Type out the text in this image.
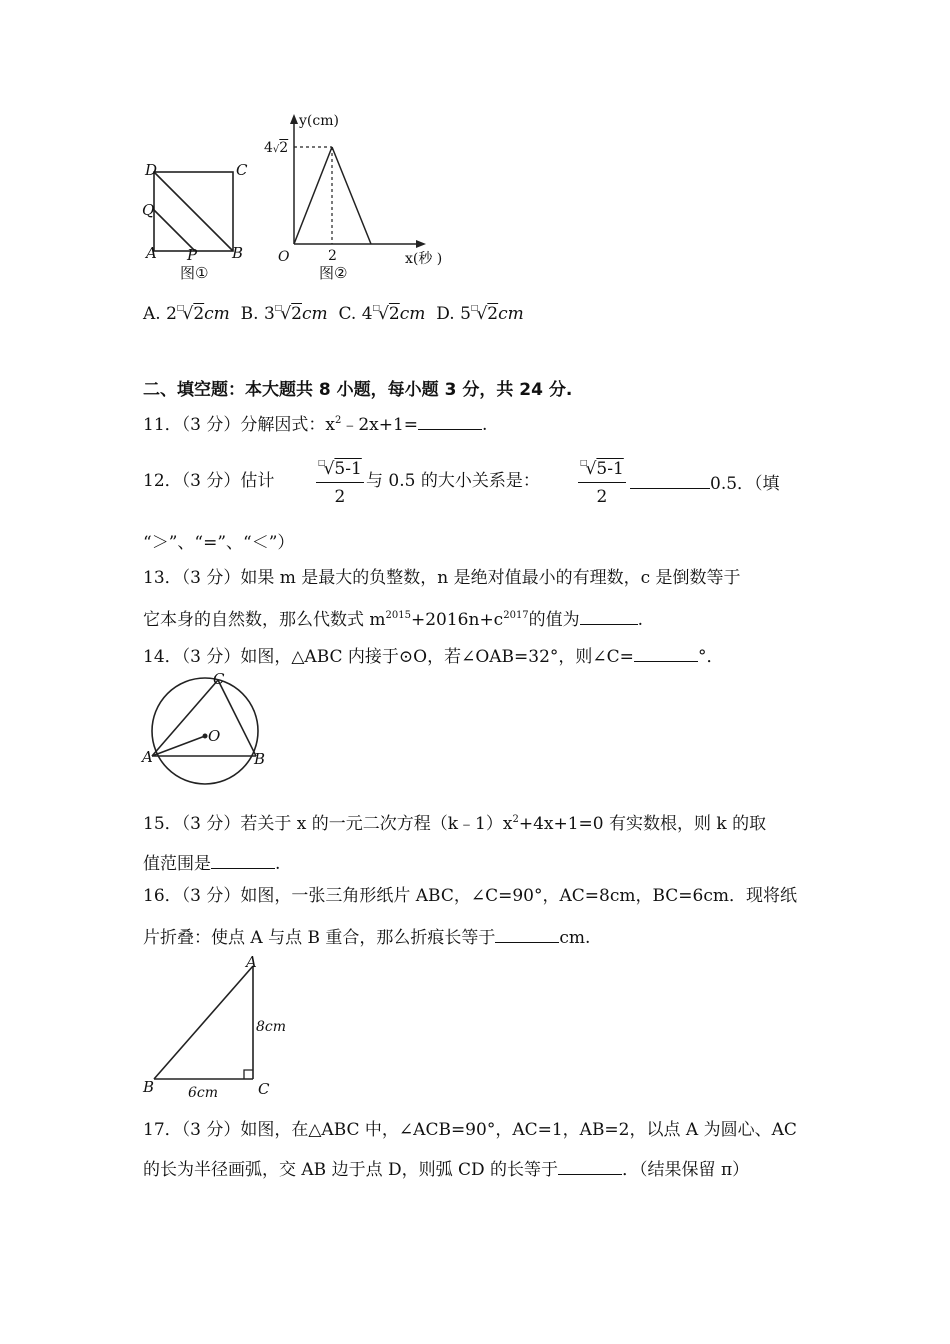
D	C
Q
A P B
图①
y(cm)
4√2
O	2	x(秒 )
图②
A. 2□√2cm B. 3□√2cm C. 4□√2cm D. 5□√2cm
二、填空题：本大题共 8 小题，每小题 3 分，共 24 分.
11．（3 分）分解因式：$x^2﹣2x+1=$	.
12．（3 分）估计	$\frac{^□√5-1}{2}$ 与 0.5 的大小关系是：	$\frac{^□√5-1}{2}$	0.5．（填
“＞”、“=”、“＜”）
13．（3 分）如果 m 是最大的负整数，n 是绝对值最小的有理数，c 是倒数等于
它本身的自然数，那么代数式 $m^{2015}+2016n+c^{2017}$的值为	.
14．（3 分）如图，△ABC 内接于⊙O，若∠OAB=32°，则∠C=	°．
C
O
A	B
15．（3 分）若关于 x 的一元二次方程$(k﹣1)x^2+4x+1=0$ 有实数根，则 k 的取
值范围是	.
16．（3 分）如图，一张三角形纸片 ABC，∠C=90°，AC=8cm，BC=6cm．现将纸
片折叠：使点 A 与点 B 重合，那么折痕长等于	cm.
A
8cm
B	C
6cm
17．（3 分）如图，在△ABC 中，∠ACB=90°，AC=1，AB=2，以点 A 为圆心、AC
的长为半径画弧，交 AB 边于点 D，则弧 CD 的长等于	．（结果保留 π）
